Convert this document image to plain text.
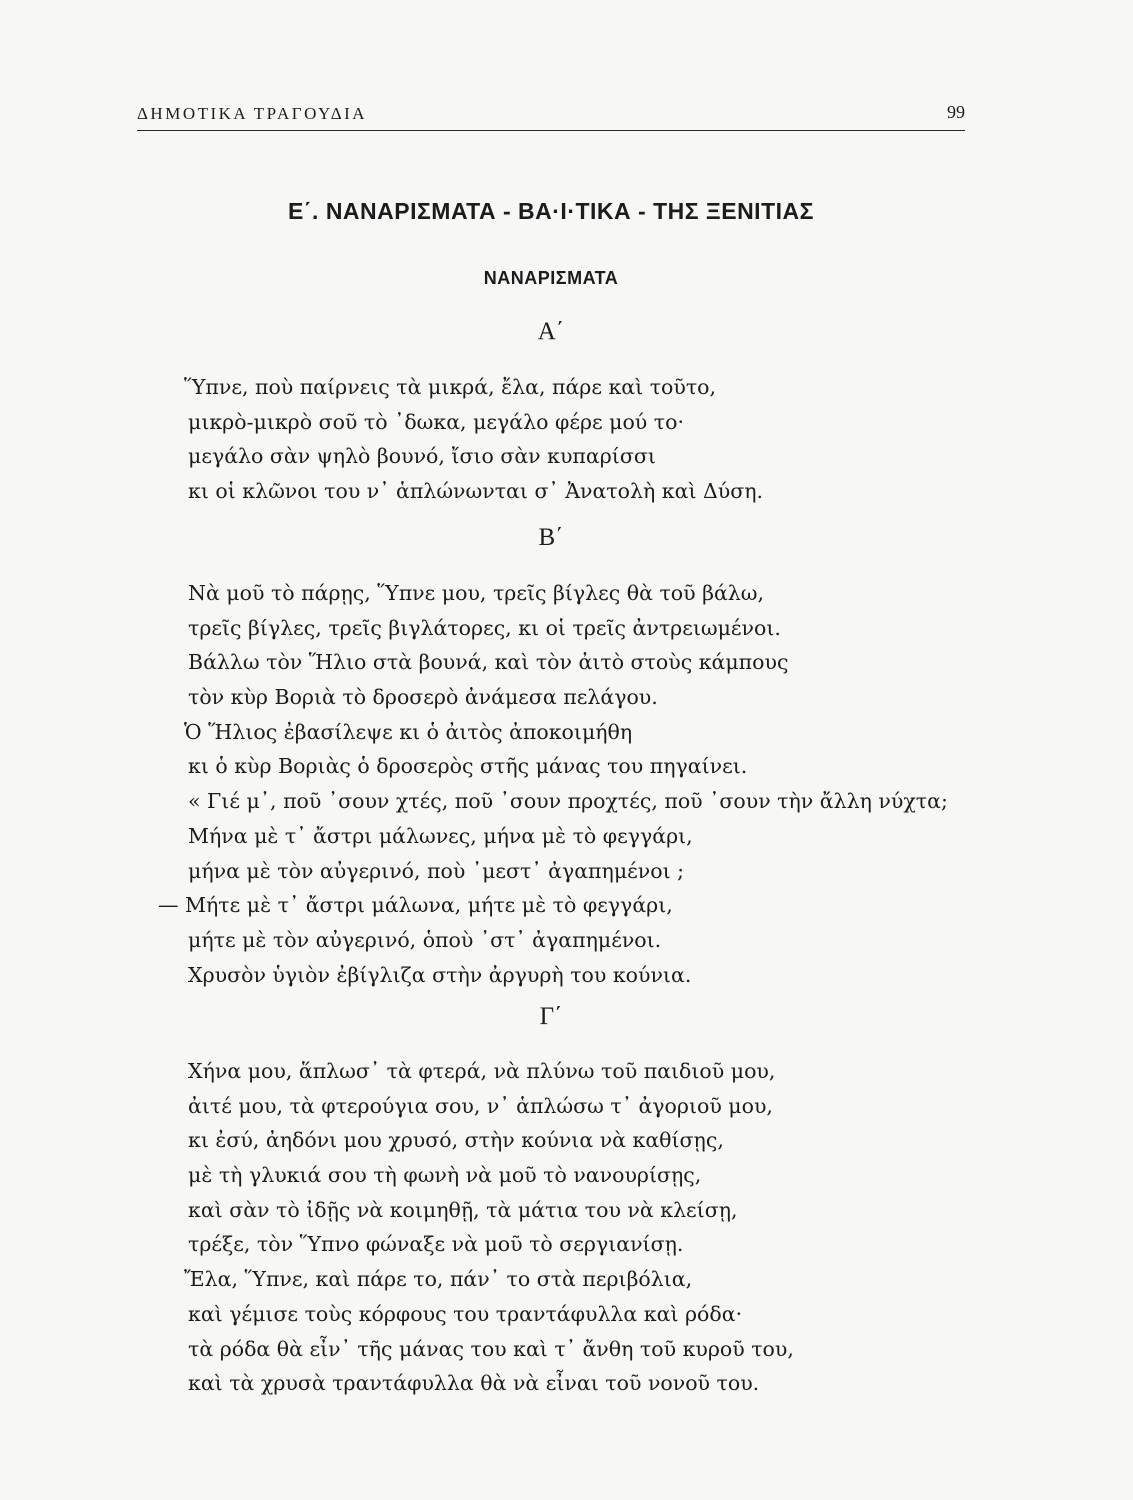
ΔΗΜΟΤΙΚΑ ΤΡΑΓΟΥΔΙΑ	99
Ε΄. ΝΑΝΑΡΙΣΜΑΤΑ - ΒΑ·Ι·ΤΙΚΑ - ΤΗΣ ΞΕΝΙΤΙΑΣ
ΝΑΝΑΡΙΣΜΑΤΑ
Α΄
Ὕπνε, ποὺ παίρνεις τὰ μικρά, ἔλα, πάρε καὶ τοῦτο,
μικρὸ-μικρὸ σοῦ τὸ ᾽δωκα, μεγάλο φέρε μού το·
μεγάλο σὰν ψηλὸ βουνό, ἴσιο σὰν κυπαρίσσι
κι οἱ κλῶνοι του ν᾽ ἁπλώνωνται σ᾽ Ἀνατολὴ καὶ Δύση.
Β΄
Νὰ μοῦ τὸ πάρῃς, Ὕπνε μου, τρεῖς βίγλες θὰ τοῦ βάλω,
τρεῖς βίγλες, τρεῖς βιγλάτορες, κι οἱ τρεῖς ἀντρειωμένοι.
Βάλλω τὸν Ἥλιο στὰ βουνά, καὶ τὸν ἀιτὸ στοὺς κάμπους
τὸν κὺρ Βοριὰ τὸ δροσερὸ ἀνάμεσα πελάγου.
Ὁ Ἥλιος ἐβασίλεψε κι ὁ ἀιτὸς ἀποκοιμήθη
κι ὁ κὺρ Βοριὰς ὁ δροσερὸς στῆς μάνας του πηγαίνει.
« Γιέ μ᾽, ποῦ ᾽σουν χτές, ποῦ ᾽σουν προχτές, ποῦ ᾽σουν τὴν ἄλλη νύχτα;
Μήνα μὲ τ᾽ ἄστρι μάλωνες, μήνα μὲ τὸ φεγγάρι,
μήνα μὲ τὸν αὐγερινό, ποὺ ᾽μεστ᾽ ἀγαπημένοι ;
— Μήτε μὲ τ᾽ ἄστρι μάλωνα, μήτε μὲ τὸ φεγγάρι,
μήτε μὲ τὸν αὐγερινό, ὁποὺ ᾽στ᾽ ἀγαπημένοι.
Χρυσὸν ὑγιὸν ἐβίγλιζα στὴν ἀργυρὴ του κούνια.
Γ΄
Χήνα μου, ἅπλωσ᾽ τὰ φτερά, νὰ πλύνω τοῦ παιδιοῦ μου,
ἀιτέ μου, τὰ φτερούγια σου, ν᾽ ἁπλώσω τ᾽ ἀγοριοῦ μου,
κι ἐσύ, ἀηδόνι μου χρυσό, στὴν κούνια νὰ καθίσῃς,
μὲ τὴ γλυκιά σου τὴ φωνὴ νὰ μοῦ τὸ νανουρίσῃς,
καὶ σὰν τὸ ἰδῇς νὰ κοιμηθῇ, τὰ μάτια του νὰ κλείσῃ,
τρέξε, τὸν Ὕπνο φώναξε νὰ μοῦ τὸ σεργιανίσῃ.
Ἔλα, Ὕπνε, καὶ πάρε το, πάν᾽ το στὰ περιβόλια,
καὶ γέμισε τοὺς κόρφους του τραντάφυλλα καὶ ρόδα·
τὰ ρόδα θὰ εἶν᾽ τῆς μάνας του καὶ τ᾽ ἄνθη τοῦ κυροῦ του,
καὶ τὰ χρυσὰ τραντάφυλλα θὰ νὰ εἶναι τοῦ νονοῦ του.
